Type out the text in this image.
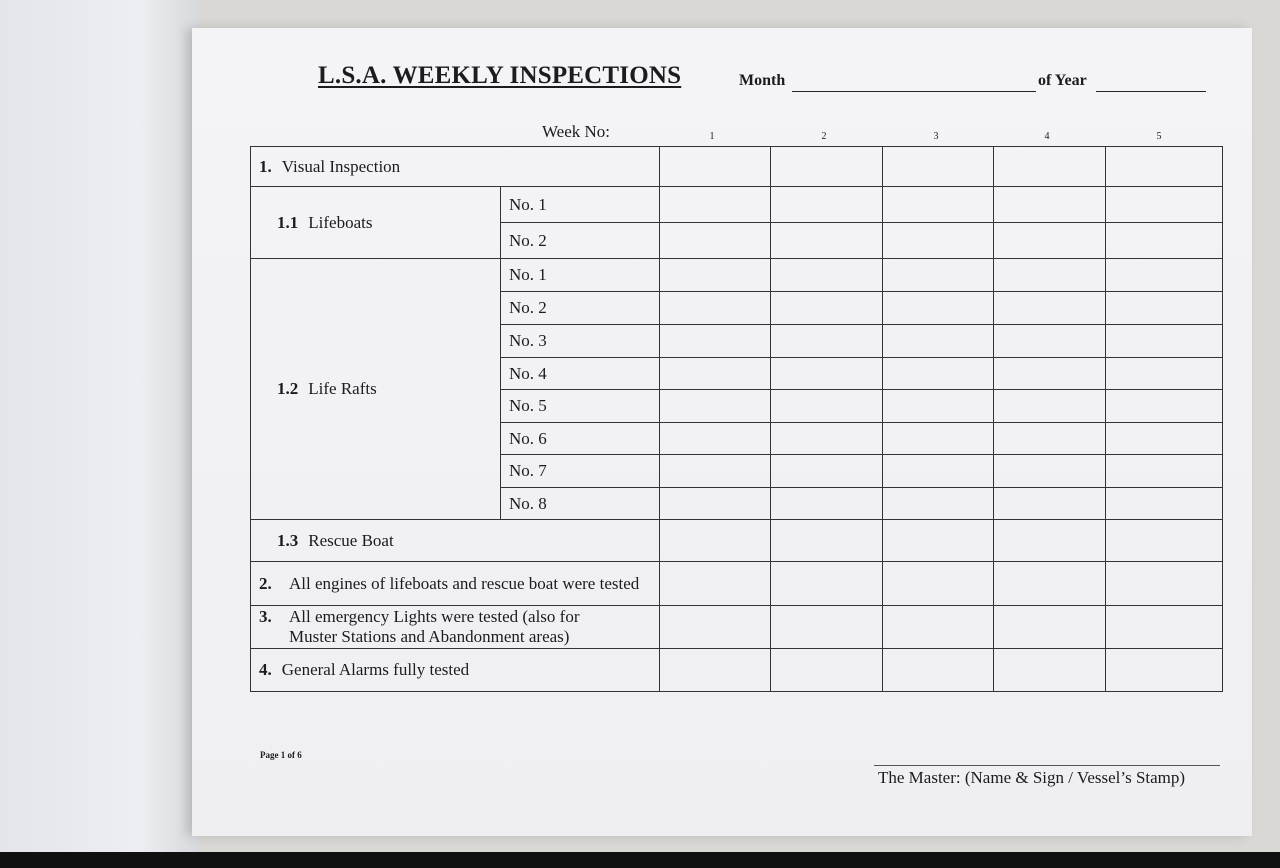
L.S.A. WEEKLY INSPECTIONS	Month	of Year
Week No:	1	2	3	4	5
1. Visual Inspection						
1.1 Lifeboats	No. 1					
	No. 2					
1.2 Life Rafts	No. 1					
	No. 2					
	No. 3					
	No. 4					
	No. 5					
	No. 6					
	No. 7					
	No. 8					
1.3 Rescue Boat						

2. All engines of lifeboats and rescue boat were tested						

3. All emergency Lights were tested (also for Muster Stations and Abandonment areas)						

4. General Alarms fully tested						
Page 1 of 6
The Master: (Name & Sign / Vessel’s Stamp)
